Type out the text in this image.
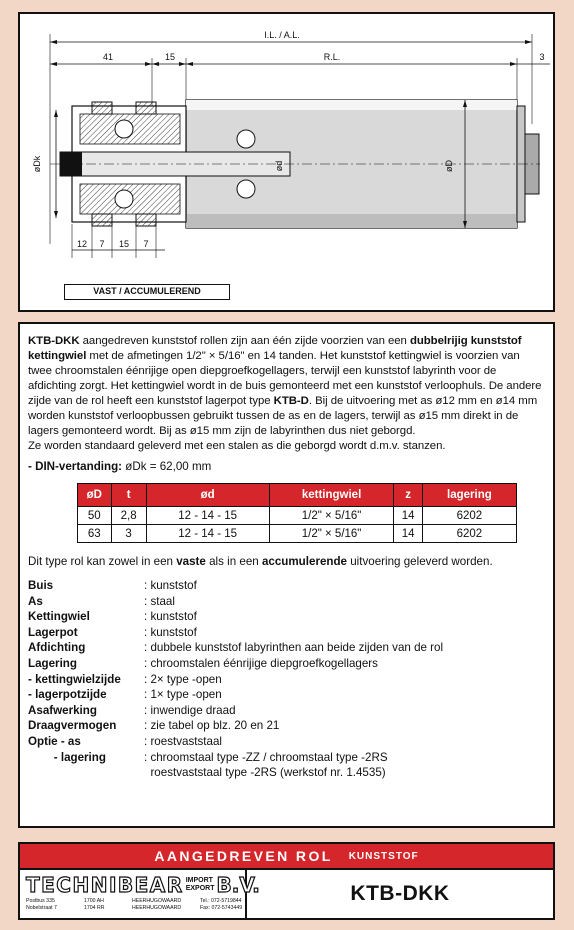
I.L. / A.L.
41	15	R.L.	3
øDk	ød	øD
12 7 15 7
VAST / ACCUMULEREND

KTB-DKK aangedreven kunststof rollen zijn aan één zijde voorzien van een dubbelrijig kunststof kettingwiel met de afmetingen 1/2" × 5/16" en 14 tanden. Het kunststof kettingwiel is voorzien van twee chroomstalen éénrijige open diepgroefkogellagers, terwijl een kunststof labyrinth voor de afdichting zorgt. Het kettingwiel wordt in de buis gemonteerd met een kunststof verloophuls. De andere zijde van de rol heeft een kunststof lagerpot type KTB-D. Bij de uitvoering met as ø12 mm en ø14 mm worden kunststof verloopbussen gebruikt tussen de as en de lagers, terwijl as ø15 mm direkt in de lagers gemonteerd wordt. Bij as ø15 mm zijn de labyrinthen dus niet geborgd.

Ze worden standaard geleverd met een stalen as die geborgd wordt d.m.v. stanzen.

- DIN-vertanding: øDk = 62,00 mm

øD	t	ød	kettingwiel	z	lagering
50	2,8	12 - 14 - 15	1/2" × 5/16"	14	6202
63	3	12 - 14 - 15	1/2" × 5/16"	14	6202

Dit type rol kan zowel in een vaste als in een accumulerende uitvoering geleverd worden.

Buis	: kunststof
As	: staal
Kettingwiel	: kunststof
Lagerpot	: kunststof
Afdichting	: dubbele kunststof labyrinthen aan beide zijden van de rol
Lagering	: chroomstalen éénrijige diepgroefkogellagers
- kettingwielzijde	: 2× type -open
- lagerpotzijde	: 1× type -open
Asafwerking	: inwendige draad
Draagvermogen	: zie tabel op blz. 20 en 21
Optie - as	: roestvaststaal
- lagering	: chroomstaal type -ZZ / chroomstaal type -2RS
roestvaststaal type -2RS (werkstof nr. 1.4535)
AANGEDREVEN ROL KUNSTSTOF
TECHNIBEAR IMPORT
EXPORT B.V.
Postbus 335	1700 AH	HEERHUGOWAARD	Tel.: 072-5719844
Nobelstraat 7	1704 RR	HEERHUGOWAARD	Fax: 072-5743449
KTB-DKK
